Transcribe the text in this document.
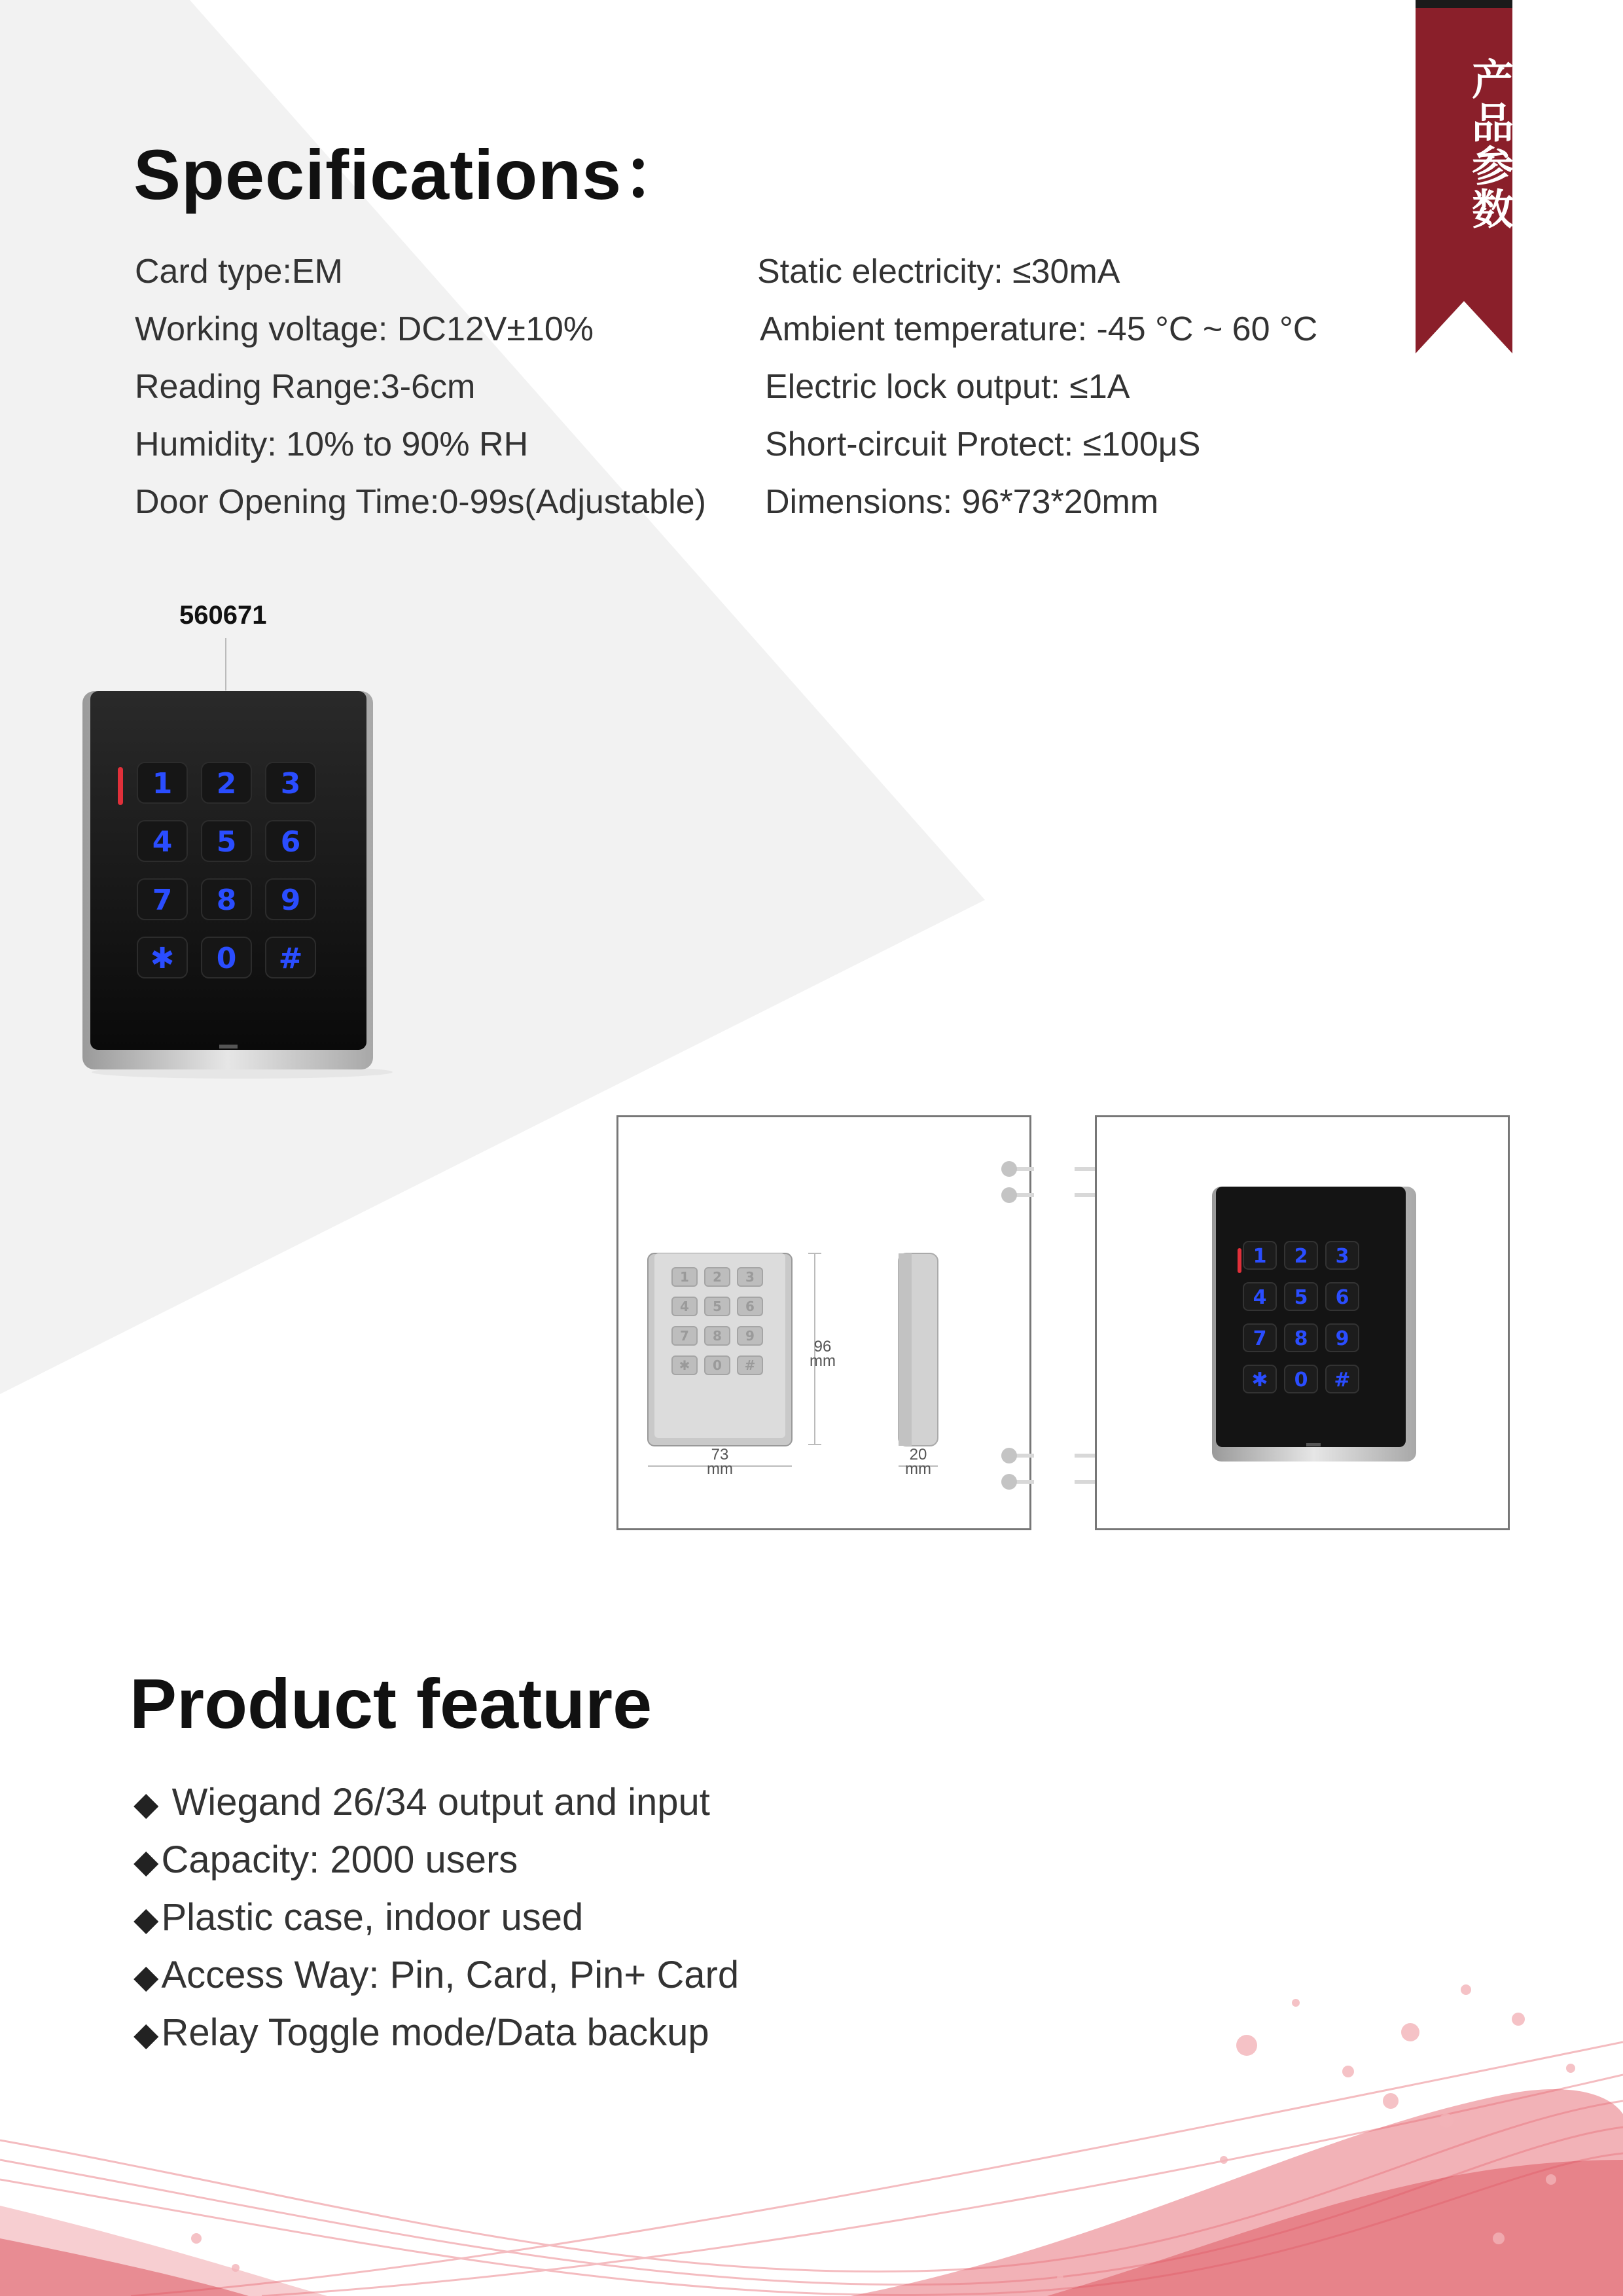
产品参数
Specifications：
Card type:EM
Working voltage: DC12V±10%
Reading Range:3-6cm
Humidity: 10% to 90% RH
Door Opening Time:0-99s(Adjustable)
Static electricity: ≤30mA
Ambient temperature: -45 °C ~ 60 °C
Electric lock output: ≤1A
Short-circuit Protect: ≤100μS
Dimensions: 96*73*20mm
560671
1 2 3
4 5 6
7 8 9
✱ 0 #
1 2 3
4 5 6
7 8 9
✱ 0 #
96
mm
73
mm
20
mm
1 2 3
4 5 6
7 8 9
✱ 0 #
Product feature
◆ Wiegand 26/34 output and input
◆Capacity: 2000 users
◆Plastic case, indoor used
◆Access Way: Pin, Card, Pin+ Card
◆Relay Toggle mode/Data backup
